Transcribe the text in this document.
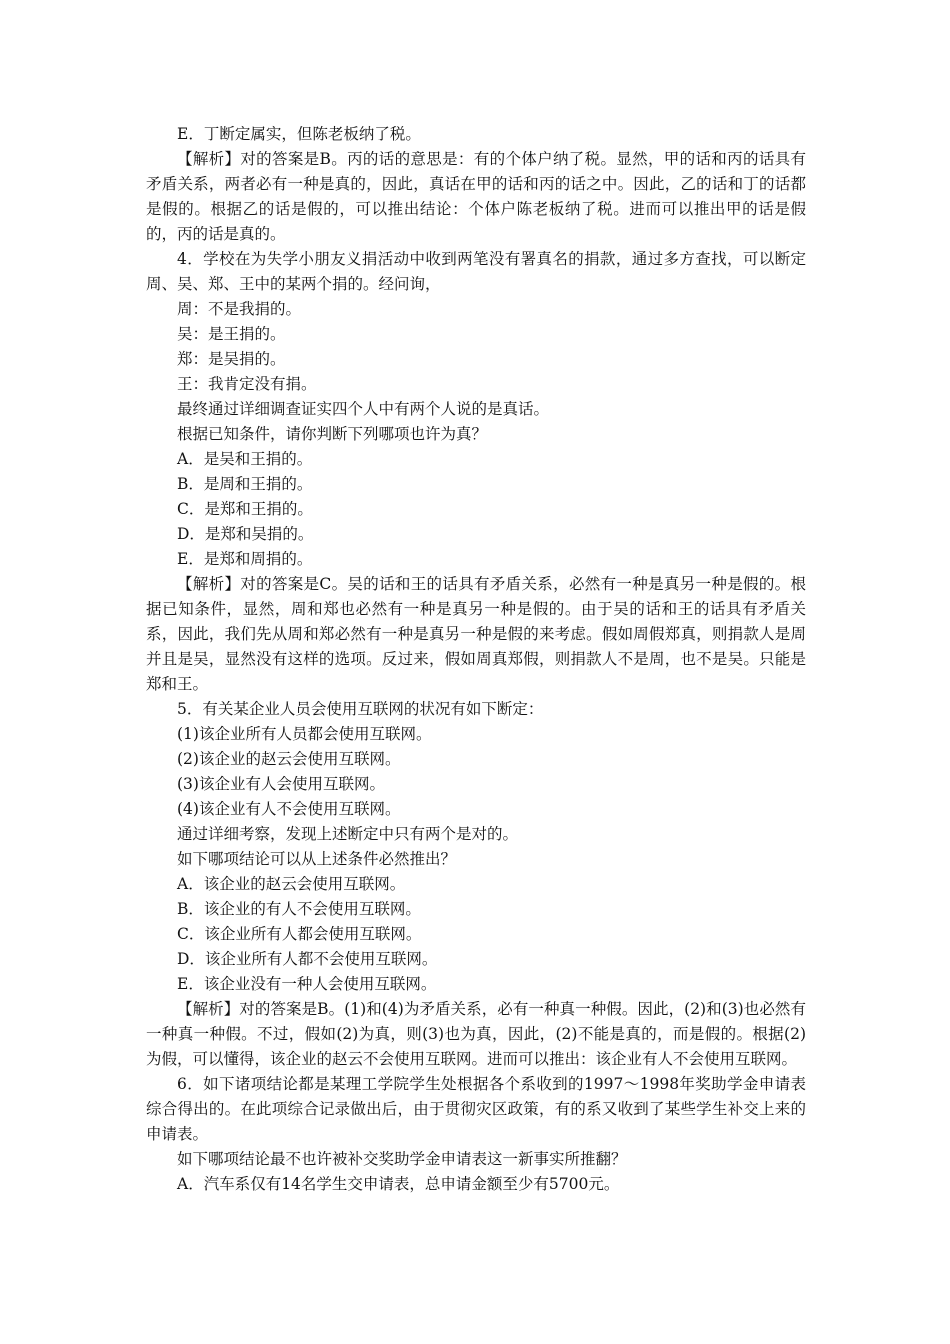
E．丁断定属实，但陈老板纳了税。

【解析】对的答案是B。丙的话的意思是：有的个体户纳了税。显然，甲的话和丙的话具有矛盾关系，两者必有一种是真的，因此，真话在甲的话和丙的话之中。因此，乙的话和丁的话都是假的。根据乙的话是假的，可以推出结论：个体户陈老板纳了税。进而可以推出甲的话是假的，丙的话是真的。

4．学校在为失学小朋友义捐活动中收到两笔没有署真名的捐款，通过多方查找，可以断定周、吴、郑、王中的某两个捐的。经问询，

周：不是我捐的。

吴：是王捐的。

郑：是吴捐的。

王：我肯定没有捐。

最终通过详细调查证实四个人中有两个人说的是真话。

根据已知条件，请你判断下列哪项也许为真？

A．是吴和王捐的。

B．是周和王捐的。

C．是郑和王捐的。

D．是郑和吴捐的。

E．是郑和周捐的。

【解析】对的答案是C。吴的话和王的话具有矛盾关系，必然有一种是真另一种是假的。根据已知条件，显然，周和郑也必然有一种是真另一种是假的。由于吴的话和王的话具有矛盾关系，因此，我们先从周和郑必然有一种是真另一种是假的来考虑。假如周假郑真，则捐款人是周并且是吴，显然没有这样的选项。反过来，假如周真郑假，则捐款人不是周，也不是吴。只能是郑和王。

5．有关某企业人员会使用互联网的状况有如下断定：

(1)该企业所有人员都会使用互联网。

(2)该企业的赵云会使用互联网。

(3)该企业有人会使用互联网。

(4)该企业有人不会使用互联网。

通过详细考察，发现上述断定中只有两个是对的。

如下哪项结论可以从上述条件必然推出？

A．该企业的赵云会使用互联网。

B．该企业的有人不会使用互联网。

C．该企业所有人都会使用互联网。

D．该企业所有人都不会使用互联网。

E．该企业没有一种人会使用互联网。

【解析】对的答案是B。(1)和(4)为矛盾关系，必有一种真一种假。因此，(2)和(3)也必然有一种真一种假。不过，假如(2)为真，则(3)也为真，因此，(2)不能是真的，而是假的。根据(2)为假，可以懂得，该企业的赵云不会使用互联网。进而可以推出：该企业有人不会使用互联网。

6．如下诸项结论都是某理工学院学生处根据各个系收到的1997～1998年奖助学金申请表综合得出的。在此项综合记录做出后，由于贯彻灾区政策，有的系又收到了某些学生补交上来的申请表。

如下哪项结论最不也许被补交奖助学金申请表这一新事实所推翻？

A．汽车系仅有14名学生交申请表，总申请金额至少有5700元。
